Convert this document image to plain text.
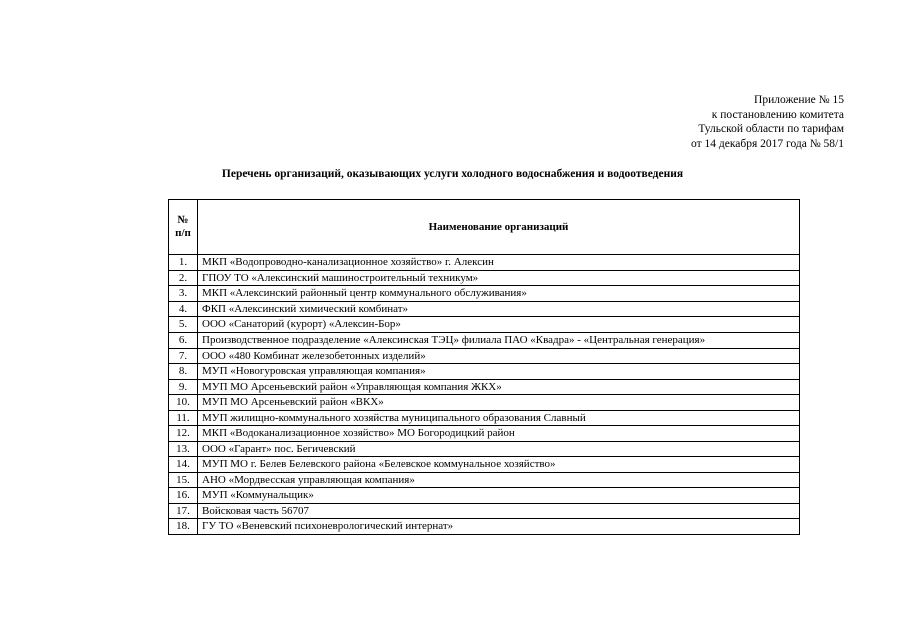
Приложение № 15
к постановлению комитета
Тульской области по тарифам
от 14 декабря 2017 года № 58/1
Перечень организаций, оказывающих услуги холодного водоснабжения и водоотведения
№
п/п	Наименование организаций
1.	МКП «Водопроводно-канализационное хозяйство» г. Алексин
2.	ГПОУ ТО «Алексинский машиностроительный техникум»
3.	МКП «Алексинский районный центр коммунального обслуживания»
4.	ФКП «Алексинский химический комбинат»
5.	ООО «Санаторий (курорт) «Алексин-Бор»
6.	Производственное подразделение «Алексинская ТЭЦ» филиала ПАО «Квадра» - «Центральная генерация»
7.	ООО «480 Комбинат железобетонных изделий»
8.	МУП «Новогуровская управляющая компания»
9.	МУП МО Арсеньевский район «Управляющая компания ЖКХ»
10.	МУП МО Арсеньевский район «ВКХ»
11.	МУП жилищно-коммунального хозяйства муниципального образования Славный
12.	МКП «Водоканализационное хозяйство» МО Богородицкий район
13.	ООО «Гарант» пос. Бегичевский
14.	МУП МО г. Белев Белевского района «Белевское коммунальное хозяйство»
15.	АНО «Мордвесская управляющая компания»
16.	МУП «Коммунальщик»
17.	Войсковая часть 56707
18.	ГУ ТО «Веневский психоневрологический интернат»
